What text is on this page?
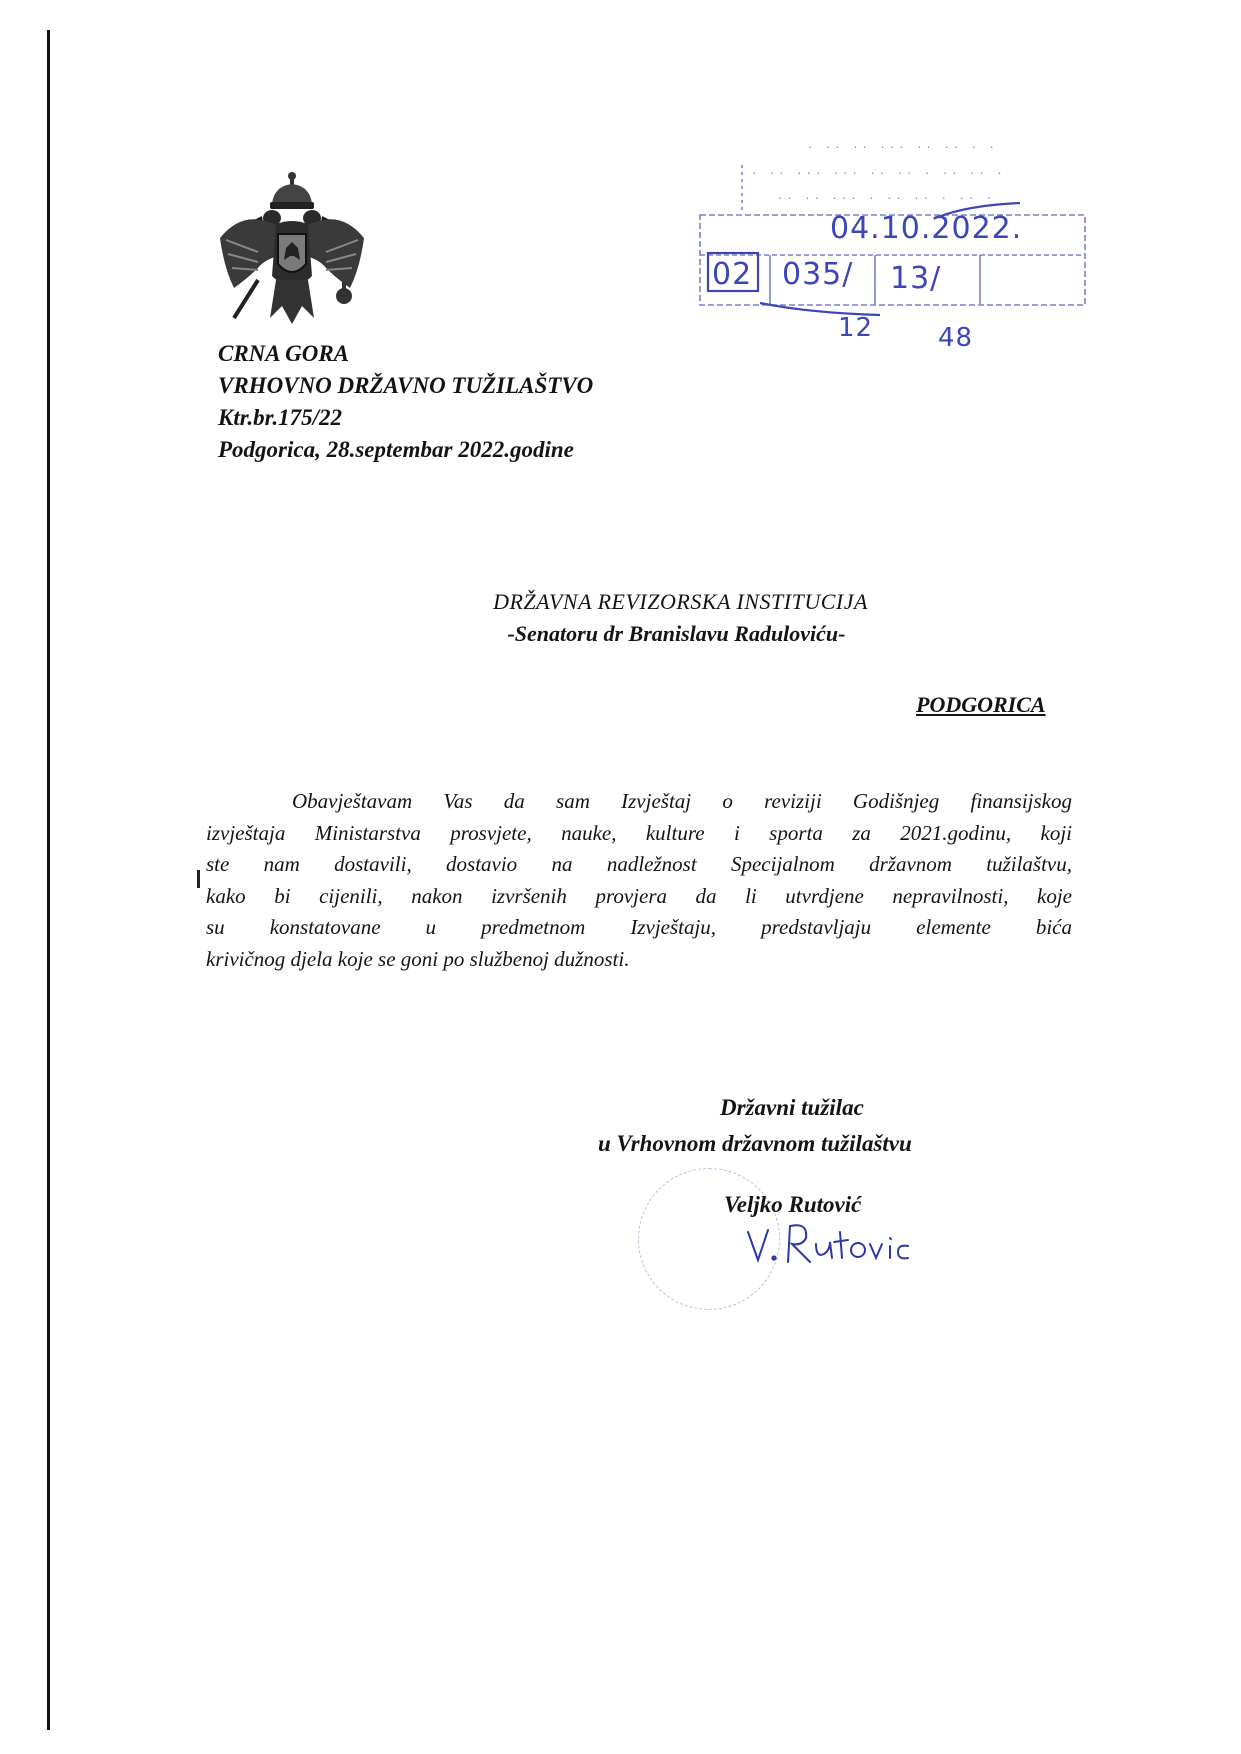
CRNA GORA
VRHOVNO DRŽAVNO TUŽILAŠTVO
Ktr.br.175/22
Podgorica, 28.septembar 2022.godine
· ·· ·· ··· ·· ·· · ·
· ·· ··· ··· ·· ·· · ·· ·· ·
·· ·· ··· · ·· ·· · ·· ·
04.10.2022.
02 035/ 13/
12 48
DRŽAVNA REVIZORSKA INSTITUCIJA
-Senatoru dr Branislavu Raduloviću-
PODGORICA
Obavještavam Vas da sam Izvještaj o reviziji Godišnjeg finansijskog
izvještaja Ministarstva prosvjete, nauke, kulture i sporta za 2021.godinu, koji
ste nam dostavili, dostavio na nadležnost Specijalnom državnom tužilaštvu,
kako bi cijenili, nakon izvršenih provjera da li utvrdjene nepravilnosti, koje
su konstatovane u predmetnom Izvještaju, predstavljaju elemente bića
krivičnog djela koje se goni po službenoj dužnosti.
Državni tužilac
u Vrhovnom državnom tužilaštvu
Veljko Rutović
